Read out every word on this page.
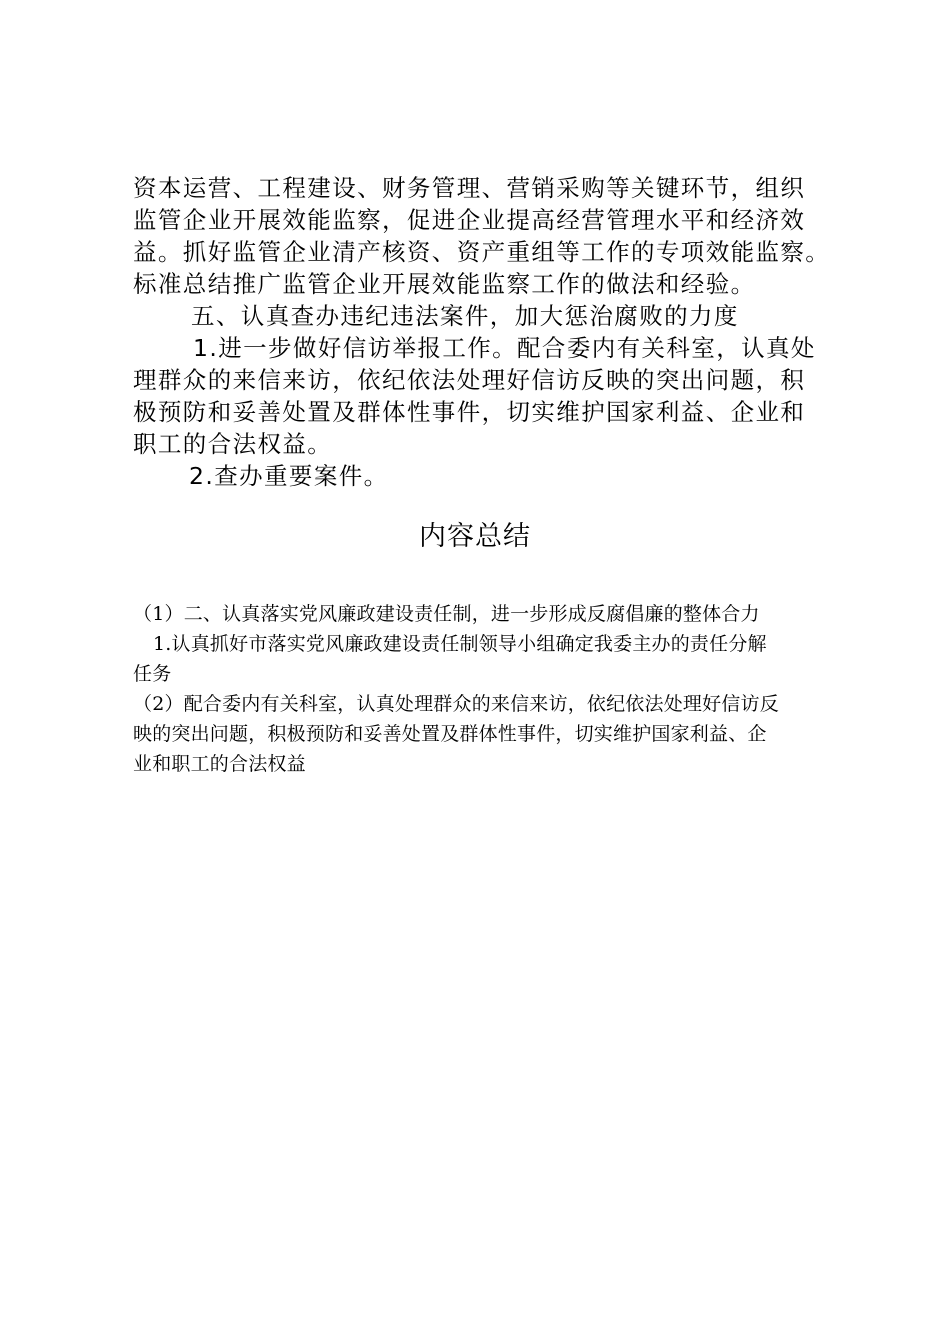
资本运营、工程建设、财务管理、营销采购等关键环节，组织

监管企业开展效能监察，促进企业提高经营管理水平和经济效

益。抓好监管企业清产核资、资产重组等工作的专项效能监察。

标准总结推广监管企业开展效能监察工作的做法和经验。

五、认真查办违纪违法案件，加大惩治腐败的力度

1.进一步做好信访举报工作。配合委内有关科室，认真处

理群众的来信来访，依纪依法处理好信访反映的突出问题，积

极预防和妥善处置及群体性事件，切实维护国家利益、企业和

职工的合法权益。

2.查办重要案件。

内容总结

（1）二、认真落实党风廉政建设责任制，进一步形成反腐倡廉的整体合力

1.认真抓好市落实党风廉政建设责任制领导小组确定我委主办的责任分解

任务

（2）配合委内有关科室，认真处理群众的来信来访，依纪依法处理好信访反

映的突出问题，积极预防和妥善处置及群体性事件，切实维护国家利益、企

业和职工的合法权益
